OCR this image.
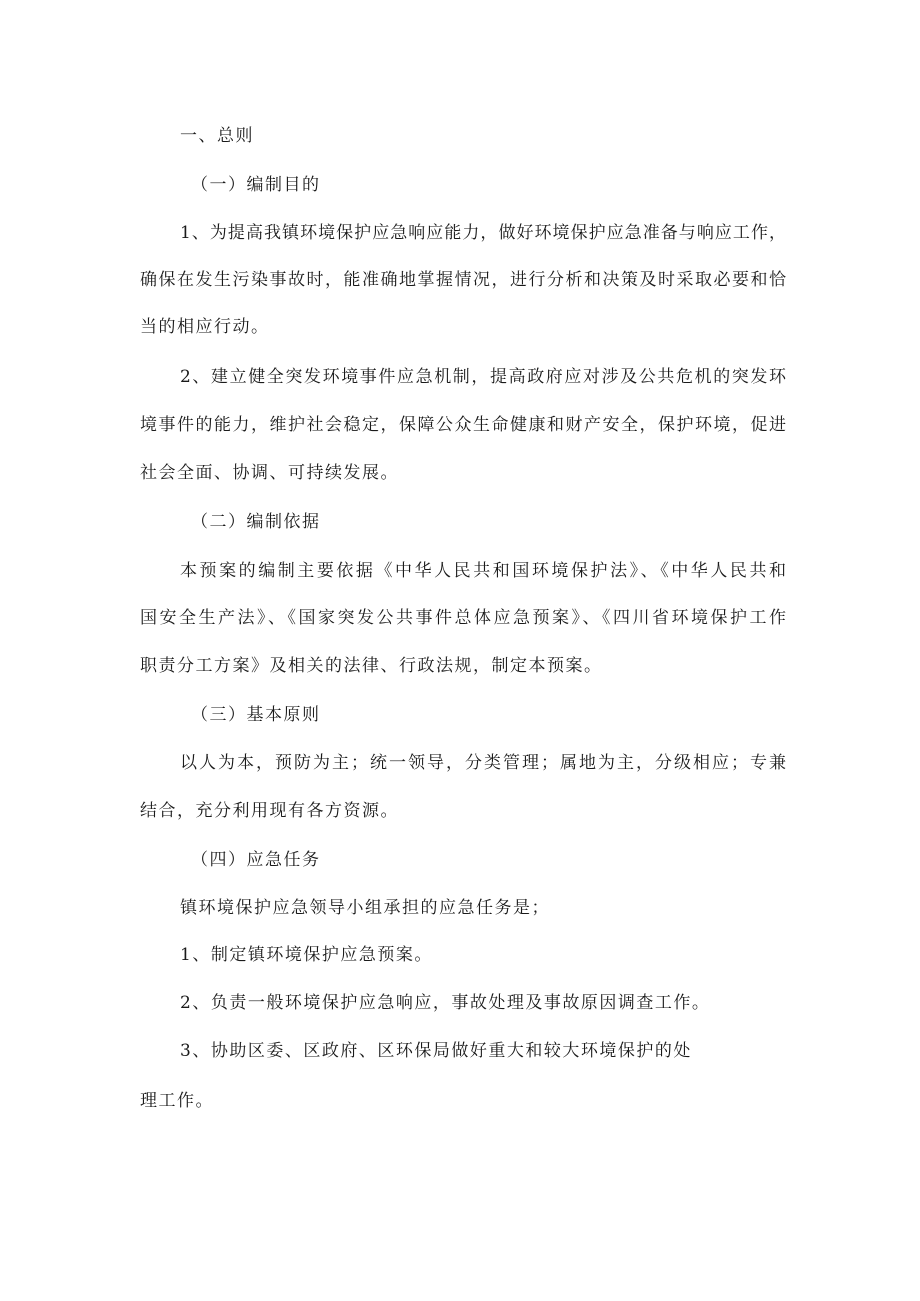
一、总则
（一）编制目的
1、为提高我镇环境保护应急响应能力，做好环境保护应急准备与响应工作，
确保在发生污染事故时，能准确地掌握情况，进行分析和决策及时采取必要和恰
当的相应行动。
2、建立健全突发环境事件应急机制，提高政府应对涉及公共危机的突发环
境事件的能力，维护社会稳定，保障公众生命健康和财产安全，保护环境，促进
社会全面、协调、可持续发展。
（二）编制依据
本预案的编制主要依据《中华人民共和国环境保护法》、《中华人民共和
国安全生产法》、《国家突发公共事件总体应急预案》、《四川省环境保护工作
职责分工方案》及相关的法律、行政法规，制定本预案。
（三）基本原则
以人为本，预防为主；统一领导，分类管理；属地为主，分级相应；专兼
结合，充分利用现有各方资源。
（四）应急任务
镇环境保护应急领导小组承担的应急任务是；
1、制定镇环境保护应急预案。
2、负责一般环境保护应急响应，事故处理及事故原因调查工作。
3、协助区委、区政府、区环保局做好重大和较大环境保护的处
理工作。
